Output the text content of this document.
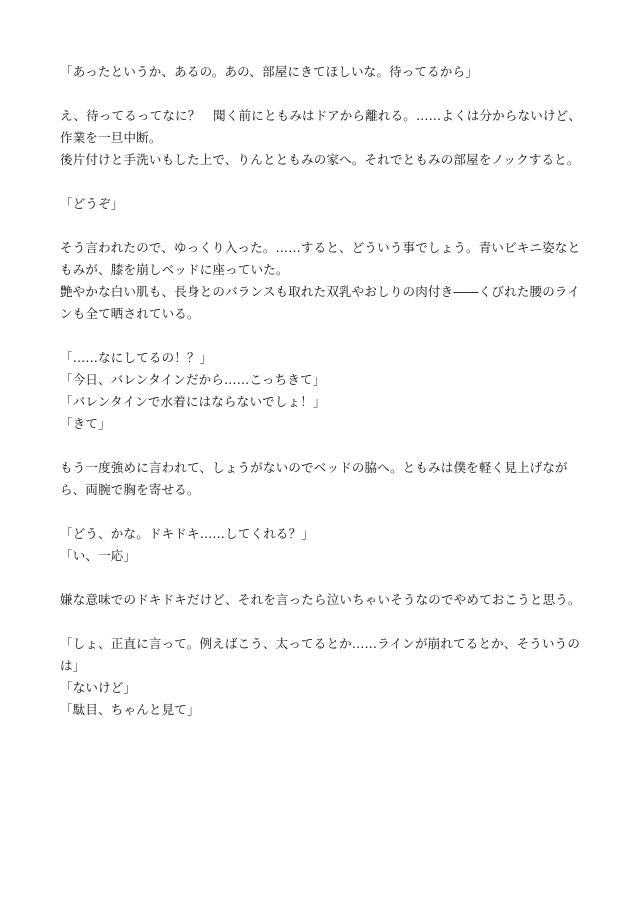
「あったというか、あるの。あの、部屋にきてほしいな。待ってるから」

え、待ってるってなに？　聞く前にともみはドアから離れる。……よくは分からないけど、作業を一旦中断。

後片付けと手洗いもした上で、りんとともみの家へ。それでともみの部屋をノックすると。

「どうぞ」

そう言われたので、ゆっくり入った。……すると、どういう事でしょう。青いビキニ姿なともみが、膝を崩しベッドに座っていた。

艶やかな白い肌も、長身とのバランスも取れた双乳やおしりの肉付き――くびれた腰のラインも全て晒されている。

「……なにしてるの！？」

「今日、バレンタインだから……こっちきて」

「バレンタインで水着にはならないでしょ！」

「きて」

もう一度強めに言われて、しょうがないのでベッドの脇へ。ともみは僕を軽く見上げながら、両腕で胸を寄せる。

「どう、かな。ドキドキ……してくれる？」

「い、一応」

嫌な意味でのドキドキだけど、それを言ったら泣いちゃいそうなのでやめておこうと思う。

「しょ、正直に言って。例えばこう、太ってるとか……ラインが崩れてるとか、そういうのは」

「ないけど」

「駄目、ちゃんと見て」
